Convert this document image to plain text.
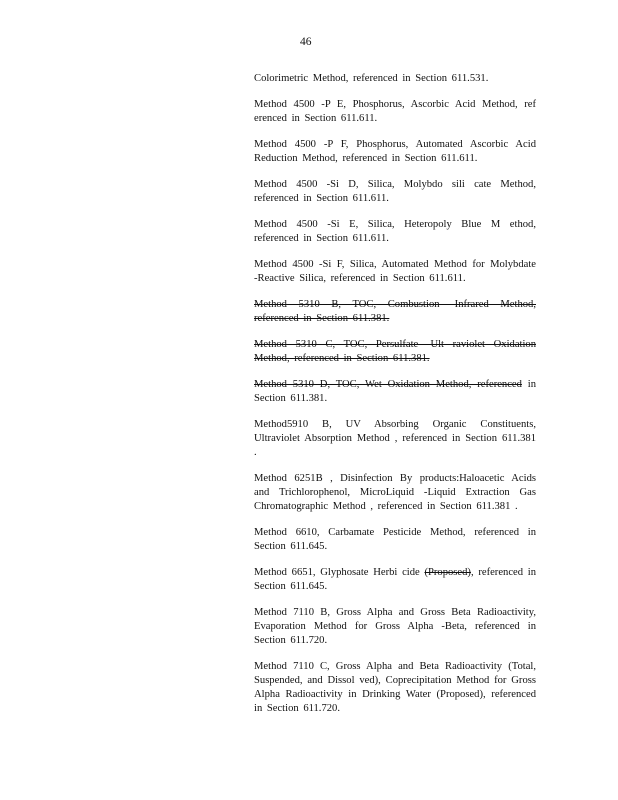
46

Colorimetric Method, referenced in Section 611.531.

Method 4500 -P E, Phosphorus, Ascorbic Acid Method, ref erenced in Section 611.611.

Method 4500 -P F, Phosphorus, Automated Ascorbic Acid Reduction Method, referenced in Section 611.611.

Method 4500 -Si D, Silica, Molybdo sili cate Method, referenced in Section 611.611.

Method 4500 -Si E, Silica, Heteropoly Blue M ethod, referenced in Section 611.611.

Method 4500 -Si F, Silica, Automated Method for Molybdate -Reactive Silica, referenced in Section 611.611.

Method 5310 B, TOC, Combustion -Infrared Method, referenced in Section 611.381.

Method 5310 C, TOC, Persulfate -Ult raviolet Oxidation Method, referenced in Section 611.381.

Method 5310 D, TOC, Wet Oxidation Method, referenced in Section 611.381.

Method5910 B, UV Absorbing Organic Constituents, Ultraviolet Absorption Method , referenced in Section 611.381 .

Method 6251B , Disinfection By products:Haloacetic Acids and Trichlorophenol, MicroLiquid -Liquid Extraction Gas Chromatographic Method , referenced in Section 611.381 .

Method 6610, Carbamate Pesticide Method, referenced in Section 611.645.

Method 6651, Glyphosate Herbi cide (Proposed), referenced in Section 611.645.

Method 7110 B, Gross Alpha and Gross Beta Radioactivity, Evaporation Method for Gross Alpha -Beta, referenced in Section 611.720.

Method 7110 C, Gross Alpha and Beta Radioactivity (Total, Suspended, and Dissol ved), Coprecipitation Method for Gross Alpha Radioactivity in Drinking Water (Proposed), referenced in Section 611.720.
